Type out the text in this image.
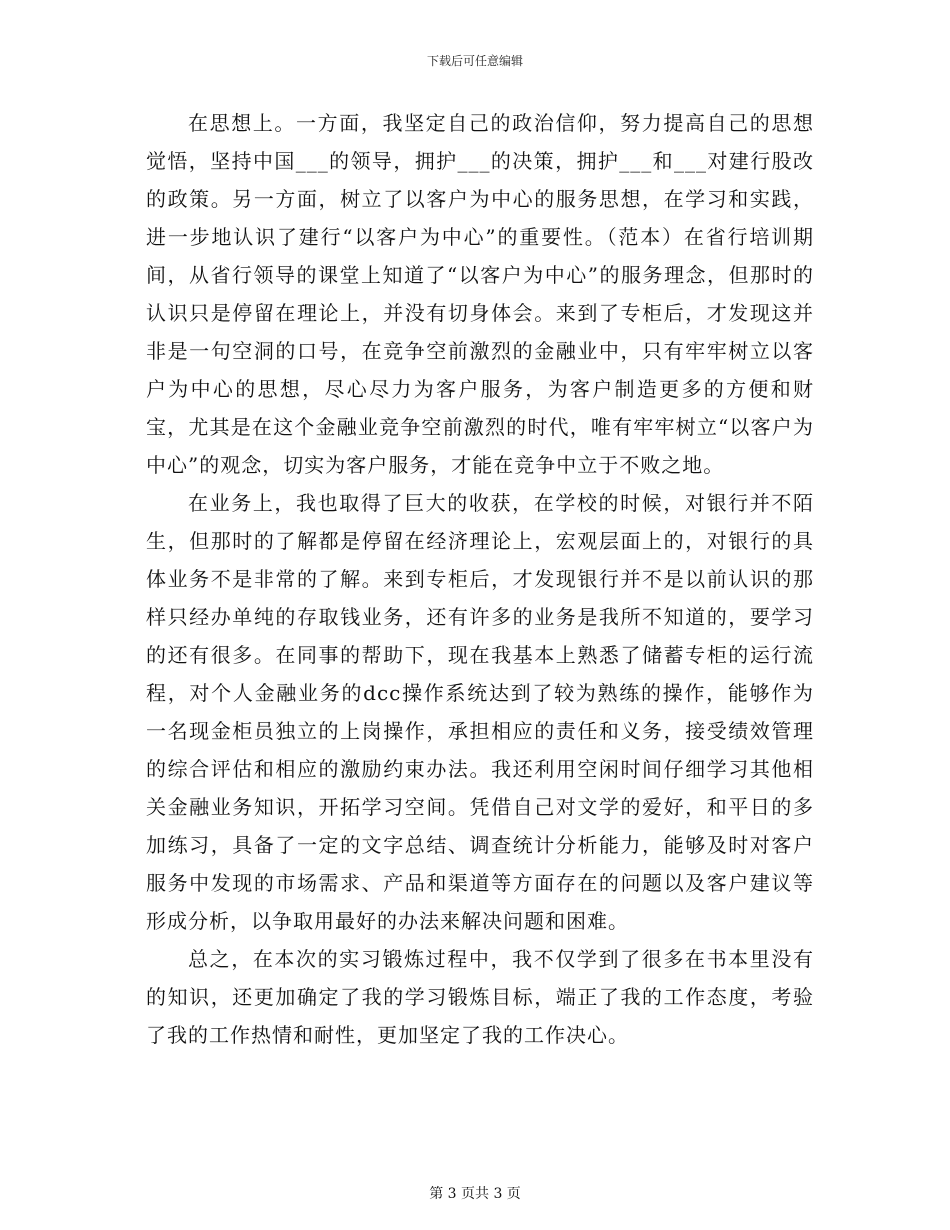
下载后可任意编辑

在思想上。一方面，我坚定自己的政治信仰，努力提高自己的思想觉悟，坚持中国___的领导，拥护___的决策，拥护___和___对建行股改的政策。另一方面，树立了以客户为中心的服务思想，在学习和实践，进一步地认识了建行“以客户为中心”的重要性。（范本）在省行培训期间，从省行领导的课堂上知道了“以客户为中心”的服务理念，但那时的认识只是停留在理论上，并没有切身体会。来到了专柜后，才发现这并非是一句空洞的口号，在竞争空前激烈的金融业中，只有牢牢树立以客户为中心的思想，尽心尽力为客户服务，为客户制造更多的方便和财宝，尤其是在这个金融业竞争空前激烈的时代，唯有牢牢树立“以客户为中心”的观念，切实为客户服务，才能在竞争中立于不败之地。

在业务上，我也取得了巨大的收获，在学校的时候，对银行并不陌生，但那时的了解都是停留在经济理论上，宏观层面上的，对银行的具体业务不是非常的了解。来到专柜后，才发现银行并不是以前认识的那样只经办单纯的存取钱业务，还有许多的业务是我所不知道的，要学习的还有很多。在同事的帮助下，现在我基本上熟悉了储蓄专柜的运行流程，对个人金融业务的dcc操作系统达到了较为熟练的操作，能够作为一名现金柜员独立的上岗操作，承担相应的责任和义务，接受绩效管理的综合评估和相应的激励约束办法。我还利用空闲时间仔细学习其他相关金融业务知识，开拓学习空间。凭借自己对文学的爱好，和平日的多加练习，具备了一定的文字总结、调查统计分析能力，能够及时对客户服务中发现的市场需求、产品和渠道等方面存在的问题以及客户建议等形成分析，以争取用最好的办法来解决问题和困难。

总之，在本次的实习锻炼过程中，我不仅学到了很多在书本里没有的知识，还更加确定了我的学习锻炼目标，端正了我的工作态度，考验了我的工作热情和耐性，更加坚定了我的工作决心。

第 3 页共 3 页
